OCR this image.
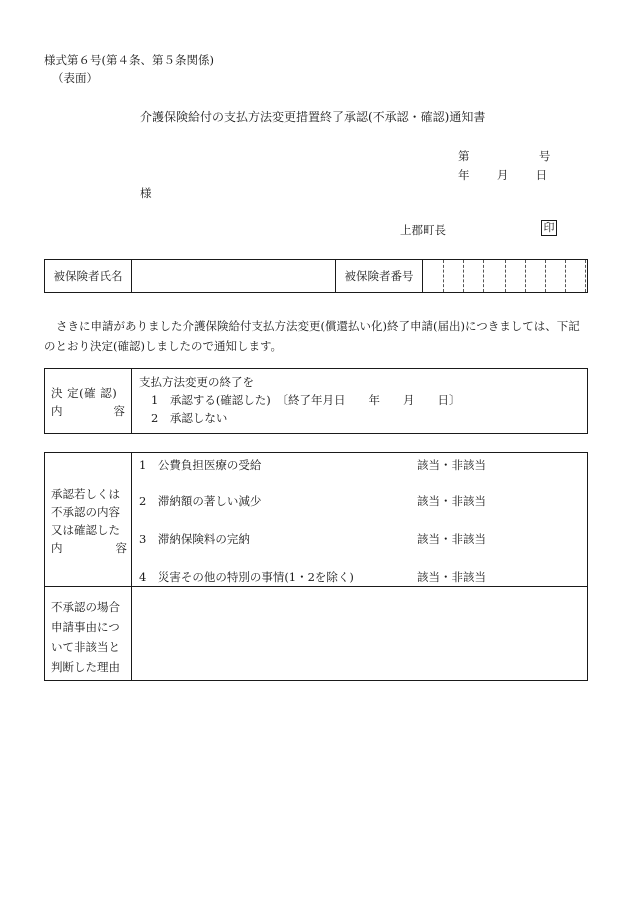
様式第６号(第４条、第５条関係)
（表面）
介護保険給付の支払方法変更措置終了承認(不承認・確認)通知書
第	号
年 月 日
様
上郡町長	印
被保険者氏名	被保険者番号
さきに申請がありました介護保険給付支払方法変更(償還払い化)終了申請(届出)につきましては、下記のとおり決定(確認)しましたので通知します。
決 定(確 認)
内	容
支払方法変更の終了を
1　承認する(確認した)　〔終了年月日　　年　　月　　日〕
2　承認しない
承認若しくは
不承認の内容
又は確認した
内	容
1　公費負担医療の受給	該当・非該当
2　滞納額の著しい減少	該当・非該当
3　滞納保険料の完納	該当・非該当
4　災害その他の特別の事情(1・2を除く)	該当・非該当
不承認の場合
申請事由につ
いて非該当と
判断した理由
